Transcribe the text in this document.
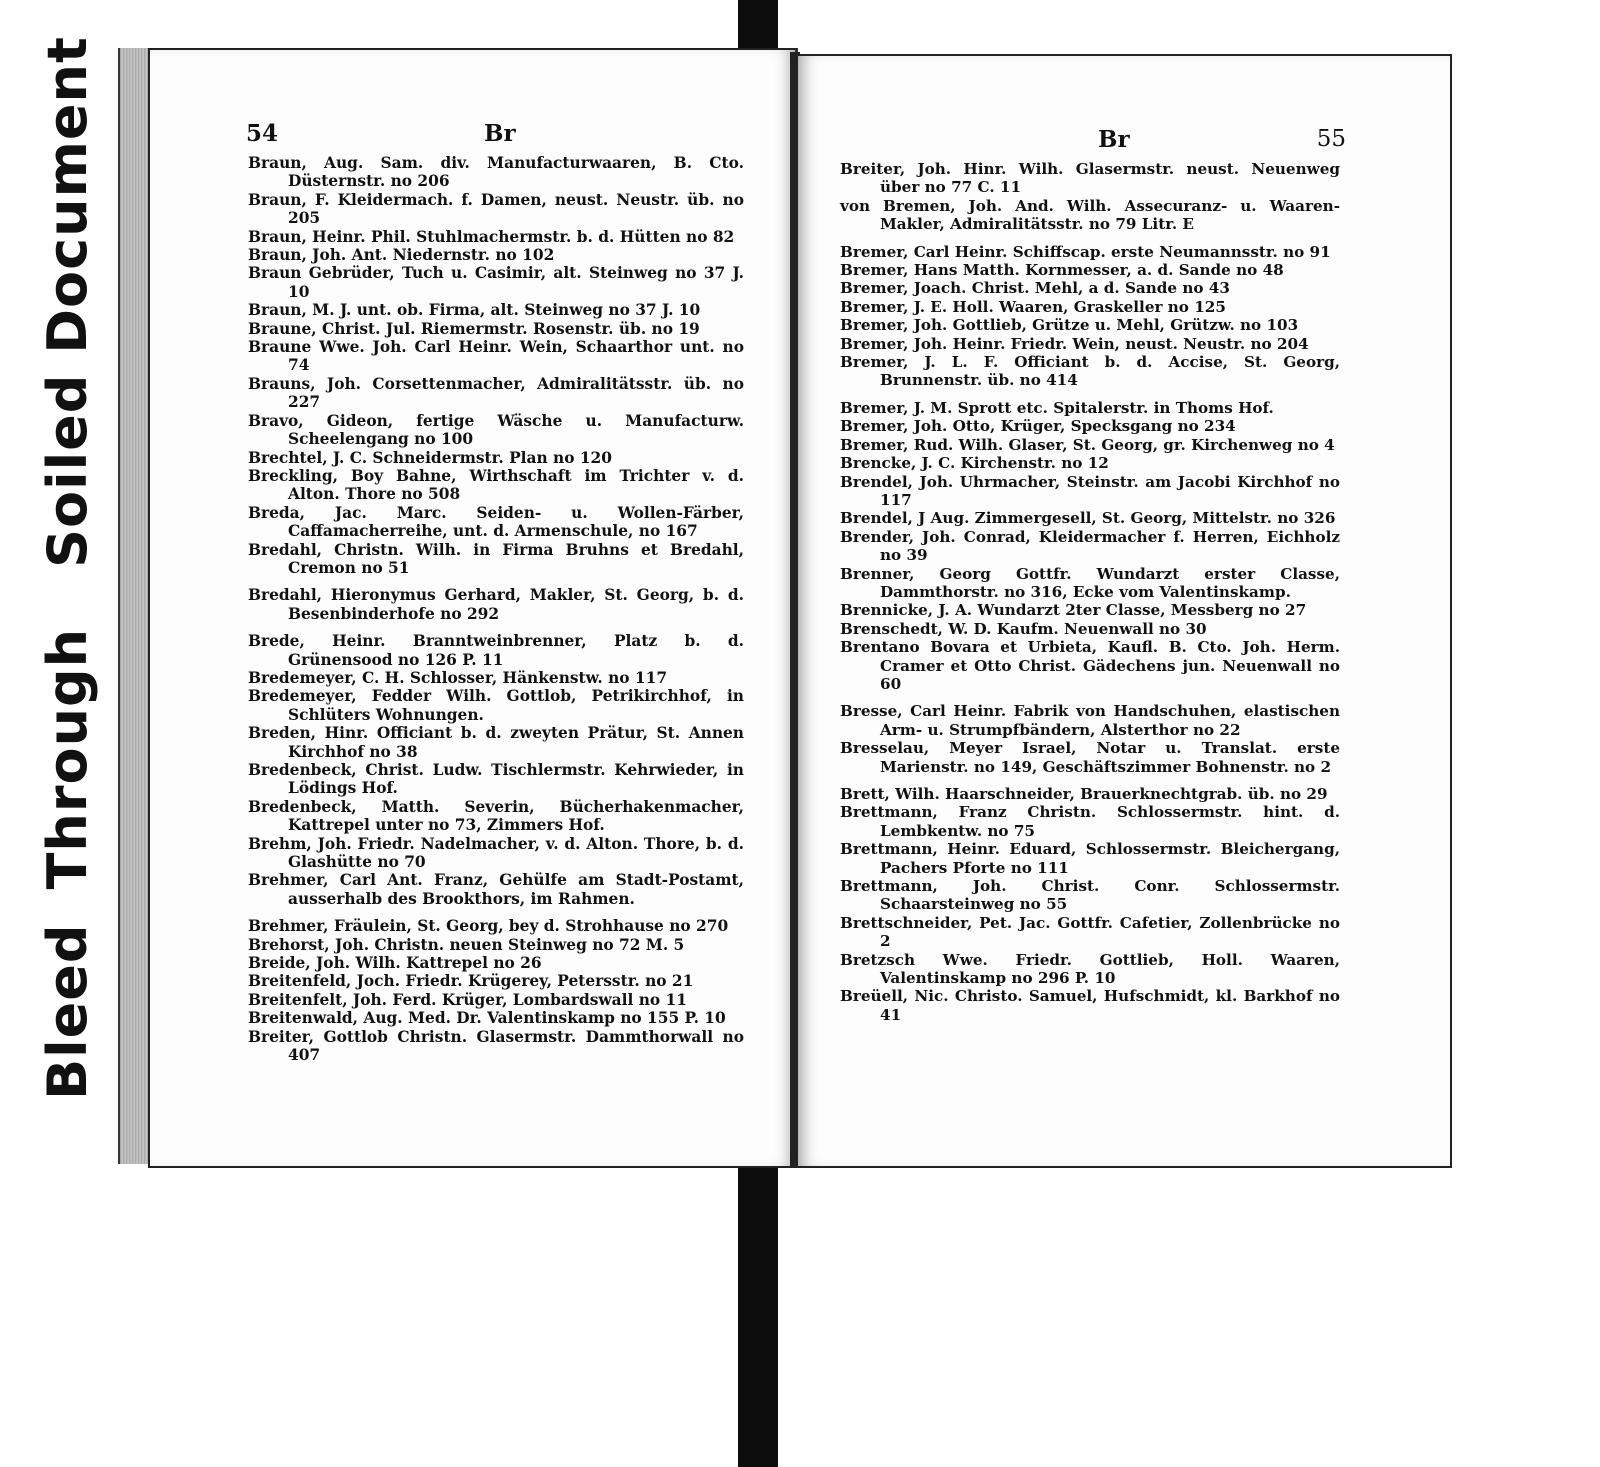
BleedThroughSoiled Document	54	Br

Braun, Aug. Sam. div. Manufacturwaaren, B. Cto. Düsternstr. no 206

Braun, F. Kleidermach. f. Damen, neust. Neustr. üb. no 205

Braun, Heinr. Phil. Stuhlmachermstr. b. d. Hütten no 82

Braun, Joh. Ant. Niedernstr. no 102

Braun Gebrüder, Tuch u. Casimir, alt. Steinweg no 37 J. 10

Braun, M. J. unt. ob. Firma, alt. Steinweg no 37 J. 10

Braune, Christ. Jul. Riemermstr. Rosenstr. üb. no 19

Braune Wwe. Joh. Carl Heinr. Wein, Schaarthor unt. no 74

Brauns, Joh. Corsettenmacher, Admiralitätsstr. üb. no 227

Bravo, Gideon, fertige Wäsche u. Manufacturw. Scheelengang no 100

Brechtel, J. C. Schneidermstr. Plan no 120

Breckling, Boy Bahne, Wirthschaft im Trichter v. d. Alton. Thore no 508

Breda, Jac. Marc. Seiden- u. Wollen-Färber, Caffamacherreihe, unt. d. Armenschule, no 167

Bredahl, Christn. Wilh. in Firma Bruhns et Bredahl, Cremon no 51

Bredahl, Hieronymus Gerhard, Makler, St. Georg, b. d. Besenbinderhofe no 292

Brede, Heinr. Branntweinbrenner, Platz b. d. Grünensood no 126 P. 11

Bredemeyer, C. H. Schlosser, Hänkenstw. no 117

Bredemeyer, Fedder Wilh. Gottlob, Petrikirchhof, in Schlüters Wohnungen.

Breden, Hinr. Officiant b. d. zweyten Prätur, St. Annen Kirchhof no 38

Bredenbeck, Christ. Ludw. Tischlermstr. Kehrwieder, in Lödings Hof.

Bredenbeck, Matth. Severin, Bücherhakenmacher, Kattrepel unter no 73, Zimmers Hof.

Brehm, Joh. Friedr. Nadelmacher, v. d. Alton. Thore, b. d. Glashütte no 70

Brehmer, Carl Ant. Franz, Gehülfe am Stadt-Postamt, ausserhalb des Brookthors, im Rahmen.

Brehmer, Fräulein, St. Georg, bey d. Strohhause no 270

Brehorst, Joh. Christn. neuen Steinweg no 72 M. 5

Breide, Joh. Wilh. Kattrepel no 26

Breitenfeld, Joch. Friedr. Krügerey, Petersstr. no 21

Breitenfelt, Joh. Ferd. Krüger, Lombardswall no 11

Breitenwald, Aug. Med. Dr. Valentinskamp no 155 P. 10

Breiter, Gottlob Christn. Glasermstr. Dammthorwall no 407

Br	55

Breiter, Joh. Hinr. Wilh. Glasermstr. neust. Neuenweg über no 77 C. 11

von Bremen, Joh. And. Wilh. Assecuranz- u. Waaren-Makler, Admiralitätsstr. no 79 Litr. E

Bremer, Carl Heinr. Schiffscap. erste Neumannsstr. no 91

Bremer, Hans Matth. Kornmesser, a. d. Sande no 48

Bremer, Joach. Christ. Mehl, a d. Sande no 43

Bremer, J. E. Holl. Waaren, Graskeller no 125

Bremer, Joh. Gottlieb, Grütze u. Mehl, Grützw. no 103

Bremer, Joh. Heinr. Friedr. Wein, neust. Neustr. no 204

Bremer, J. L. F. Officiant b. d. Accise, St. Georg, Brunnenstr. üb. no 414

Bremer, J. M. Sprott etc. Spitalerstr. in Thoms Hof.

Bremer, Joh. Otto, Krüger, Specksgang no 234

Bremer, Rud. Wilh. Glaser, St. Georg, gr. Kirchenweg no 4

Brencke, J. C. Kirchenstr. no 12

Brendel, Joh. Uhrmacher, Steinstr. am Jacobi Kirchhof no 117

Brendel, J Aug. Zimmergesell, St. Georg, Mittelstr. no 326

Brender, Joh. Conrad, Kleidermacher f. Herren, Eichholz no 39

Brenner, Georg Gottfr. Wundarzt erster Classe, Dammthorstr. no 316, Ecke vom Valentinskamp.

Brennicke, J. A. Wundarzt 2ter Classe, Messberg no 27

Brenschedt, W. D. Kaufm. Neuenwall no 30

Brentano Bovara et Urbieta, Kaufl. B. Cto. Joh. Herm. Cramer et Otto Christ. Gädechens jun. Neuenwall no 60

Bresse, Carl Heinr. Fabrik von Handschuhen, elastischen Arm- u. Strumpfbändern, Alsterthor no 22

Bresselau, Meyer Israel, Notar u. Translat. erste Marienstr. no 149, Geschäftszimmer Bohnenstr. no 2

Brett, Wilh. Haarschneider, Brauerknechtgrab. üb. no 29

Brettmann, Franz Christn. Schlossermstr. hint. d. Lembkentw. no 75

Brettmann, Heinr. Eduard, Schlossermstr. Bleichergang, Pachers Pforte no 111

Brettmann, Joh. Christ. Conr. Schlossermstr. Schaarsteinweg no 55

Brettschneider, Pet. Jac. Gottfr. Cafetier, Zollenbrücke no 2

Bretzsch Wwe. Friedr. Gottlieb, Holl. Waaren, Valentinskamp no 296 P. 10

Breüell, Nic. Christo. Samuel, Hufschmidt, kl. Barkhof no 41
